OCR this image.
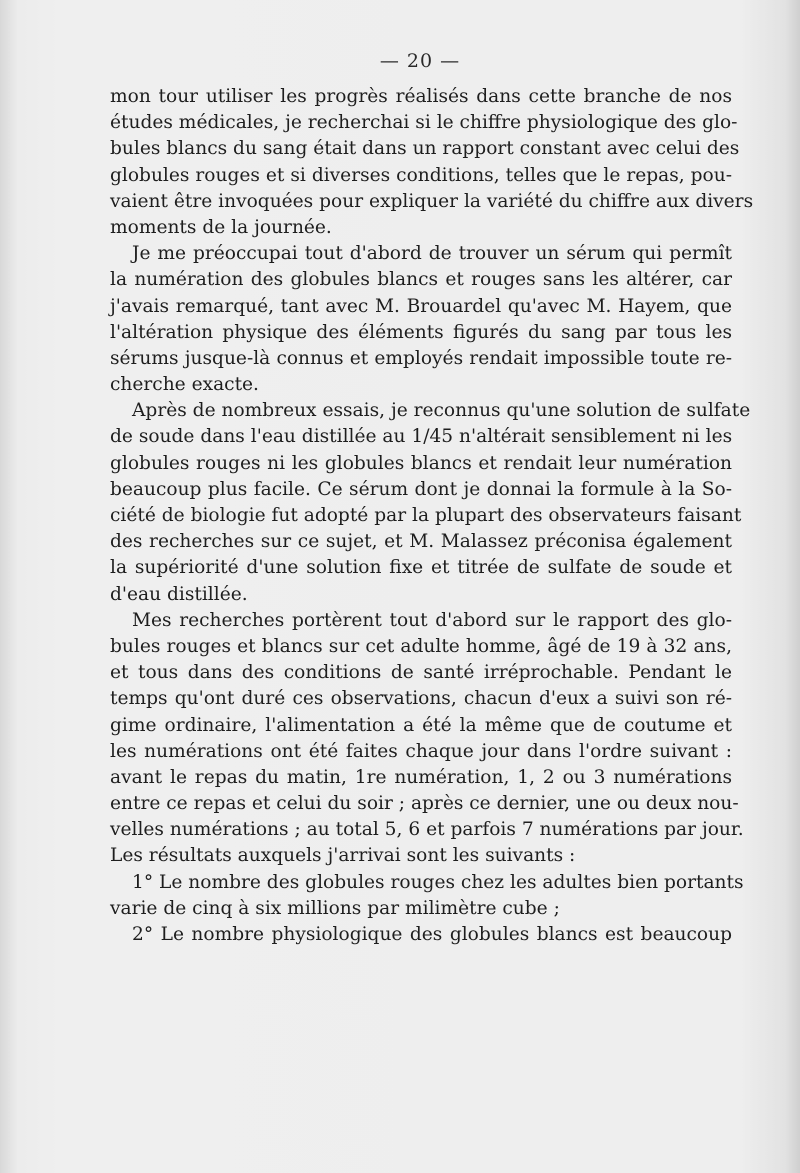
— 20 —
mon tour utiliser les progrès réalisés dans cette branche de nos
études médicales, je recherchai si le chiffre physiologique des glo-
bules blancs du sang était dans un rapport constant avec celui des
globules rouges et si diverses conditions, telles que le repas, pou-
vaient être invoquées pour expliquer la variété du chiffre aux divers
moments de la journée.
Je me préoccupai tout d'abord de trouver un sérum qui permît
la numération des globules blancs et rouges sans les altérer, car
j'avais remarqué, tant avec M. Brouardel qu'avec M. Hayem, que
l'altération physique des éléments figurés du sang par tous les
sérums jusque-là connus et employés rendait impossible toute re-
cherche exacte.
Après de nombreux essais, je reconnus qu'une solution de sulfate
de soude dans l'eau distillée au 1/45 n'altérait sensiblement ni les
globules rouges ni les globules blancs et rendait leur numération
beaucoup plus facile. Ce sérum dont je donnai la formule à la So-
ciété de biologie fut adopté par la plupart des observateurs faisant
des recherches sur ce sujet, et M. Malassez préconisa également
la supériorité d'une solution fixe et titrée de sulfate de soude et
d'eau distillée.
Mes recherches portèrent tout d'abord sur le rapport des glo-
bules rouges et blancs sur cet adulte homme, âgé de 19 à 32 ans,
et tous dans des conditions de santé irréprochable. Pendant le
temps qu'ont duré ces observations, chacun d'eux a suivi son ré-
gime ordinaire, l'alimentation a été la même que de coutume et
les numérations ont été faites chaque jour dans l'ordre suivant :
avant le repas du matin, 1re numération, 1, 2 ou 3 numérations
entre ce repas et celui du soir ; après ce dernier, une ou deux nou-
velles numérations ; au total 5, 6 et parfois 7 numérations par jour.
Les résultats auxquels j'arrivai sont les suivants :
1° Le nombre des globules rouges chez les adultes bien portants
varie de cinq à six millions par milimètre cube ;
2° Le nombre physiologique des globules blancs est beaucoup
